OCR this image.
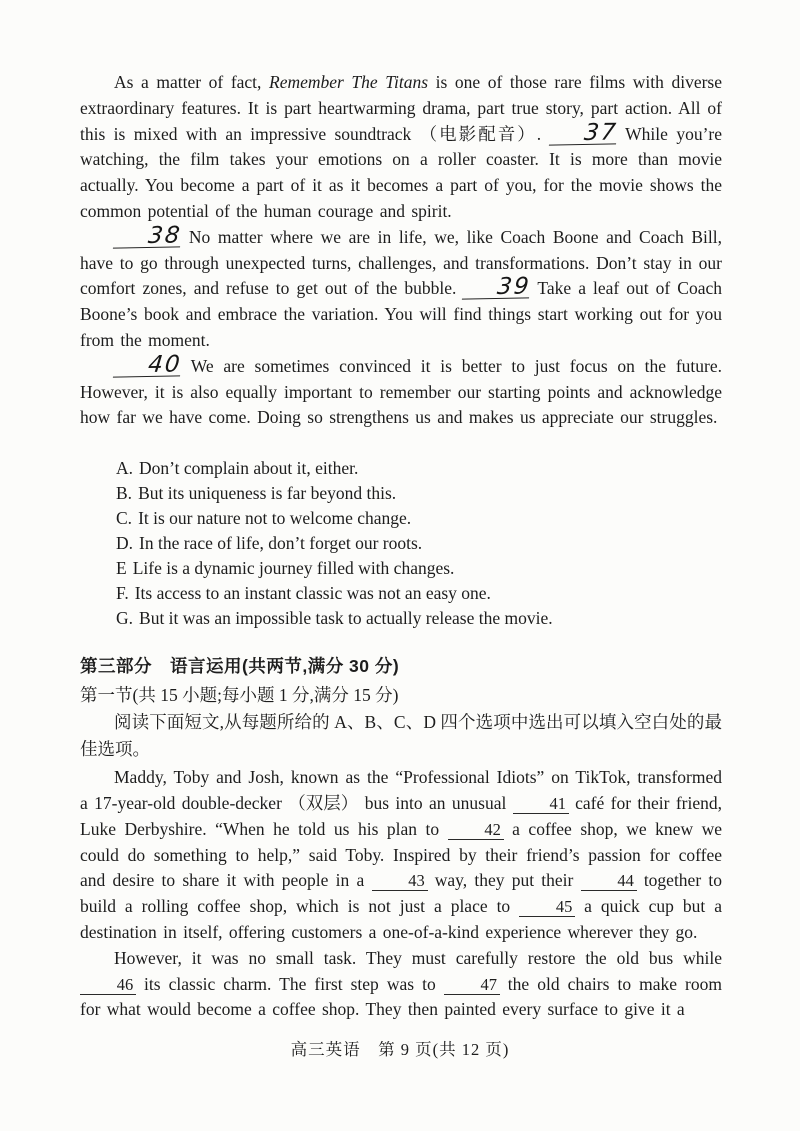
As a matter of fact, Remember The Titans is one of those rare films with diverse extraordinary features. It is part heartwarming drama, part true story, part action. All of this is mixed with an impressive soundtrack （电影配音）. 37 While you’re watching, the film takes your emotions on a roller coaster. It is more than movie actually. You become a part of it as it becomes a part of you, for the movie shows the common potential of the human courage and spirit.

38 No matter where we are in life, we, like Coach Boone and Coach Bill, have to go through unexpected turns, challenges, and transformations. Don’t stay in our comfort zones, and refuse to get out of the bubble. 39 Take a leaf out of Coach Boone’s book and embrace the variation. You will find things start working out for you from the moment.

40 We are sometimes convinced it is better to just focus on the future. However, it is also equally important to remember our starting points and acknowledge how far we have come. Doing so strengthens us and makes us appreciate our struggles.

A. Don’t complain about it, either.
B. But its uniqueness is far beyond this.
C. It is our nature not to welcome change.
D. In the race of life, don’t forget our roots.
E Life is a dynamic journey filled with changes.
F. Its access to an instant classic was not an easy one.
G. But it was an impossible task to actually release the movie.
第三部分　语言运用(共两节,满分 30 分)
第一节(共 15 小题;每小题 1 分,满分 15 分)

阅读下面短文,从每题所给的 A、B、C、D 四个选项中选出可以填入空白处的最佳选项。

Maddy, Toby and Josh, known as the “Professional Idiots” on TikTok, transformed a 17-year-old double-decker （双层） bus into an unusual 41 café for their friend, Luke Derbyshire. “When he told us his plan to 42 a coffee shop, we knew we could do something to help,” said Toby. Inspired by their friend’s passion for coffee and desire to share it with people in a 43 way, they put their 44 together to build a rolling coffee shop, which is not just a place to 45 a quick cup but a destination in itself, offering customers a one-of-a-kind experience wherever they go.

However, it was no small task. They must carefully restore the old bus while 46 its classic charm. The first step was to 47 the old chairs to make room for what would become a coffee shop. They then painted every surface to give it a

高三英语　第 9 页(共 12 页)
